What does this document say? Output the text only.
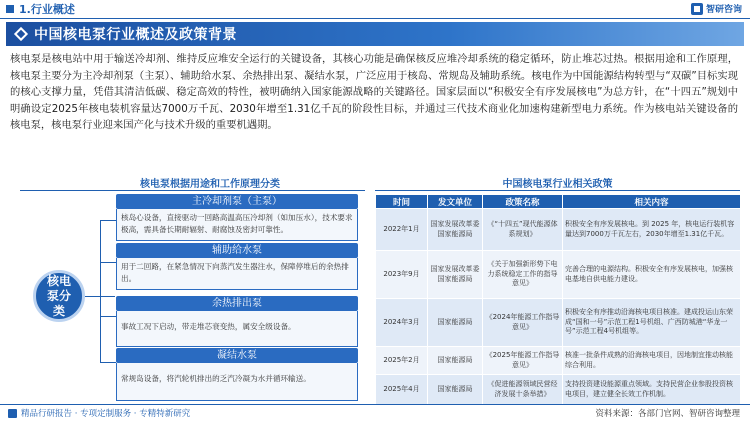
1.行业概述	智研咨询
中国核电泵行业概述及政策背景

核电泵是核电站中用于输送冷却剂、维持反应堆安全运行的关键设备，其核心功能是确保核反应堆冷却系统的稳定循环，防止堆芯过热。根据用途和工作原理，核电泵主要分为主冷却剂泵（主泵）、辅助给水泵、余热排出泵、凝结水泵，广泛应用于核岛、常规岛及辅助系统。核电作为中国能源结构转型与“双碳”目标实现的核心支撑力量，凭借其清洁低碳、稳定高效的特性，被明确纳入国家能源战略的关键路径。国家层面以“积极安全有序发展核电”为总方针，在“十四五”规划中明确设定2025年核电装机容量达7000万千瓦、2030年增至1.31亿千瓦的阶段性目标，并通过三代技术商业化加速构建新型电力系统。作为核电站关键设备的核电泵，核电泵行业迎来国产化与技术升级的重要机遇期。

核电泵根据用途和工作原理分类
核电
泵分
类
主冷却剂泵（主泵）
核岛心设备，直接驱动一回路高温高压冷却剂（如加压水），技术要求极高，需具备长期耐辐射、耐腐蚀及密封可靠性。
辅助给水泵
用于二回路，在紧急情况下向蒸汽发生器注水，保障停堆后的余热排出。
余热排出泵
事故工况下启动，带走堆芯衰变热，属安全级设备。
凝结水泵
常规岛设备，将汽轮机排出的乏汽冷凝为水并循环输送。
中国核电泵行业相关政策
时间	发文单位	政策名称	相关内容
2022年1月	国家发展改革委 国家能源局	《“十四五”现代能源体系规划》	积极安全有序发展核电。到 2025 年，核电运行装机容量达到7000万千瓦左右，2030年增至1.31亿千瓦。
2023年9月	国家发展改革委 国家能源局	《关于加强新形势下电力系统稳定工作的指导意见》	完善合理的电源结构。积极安全有序发展核电，加强核电基地自供电能力建设。
2024年3月	国家能源局	《2024年能源工作指导意见》	积极安全有序推动沿海核电项目核准。建成投运山东荣成“国和一号”示范工程1号机组、广西防城港“华龙一号”示范工程4号机组等。
2025年2月	国家能源局	《2025年能源工作指导意见》	核准一批条件成熟的沿海核电项目，因地制宜推动核能综合利用。
2025年4月	国家能源局	《促进能源领域民营经济发展十条举措》	支持投资建设能源重点领域。支持民营企业参股投资核电项目，建立健全长效工作机制。
精品行研报告 · 专项定制服务 · 专精特新研究	资料来源：各部门官网、智研咨询整理
